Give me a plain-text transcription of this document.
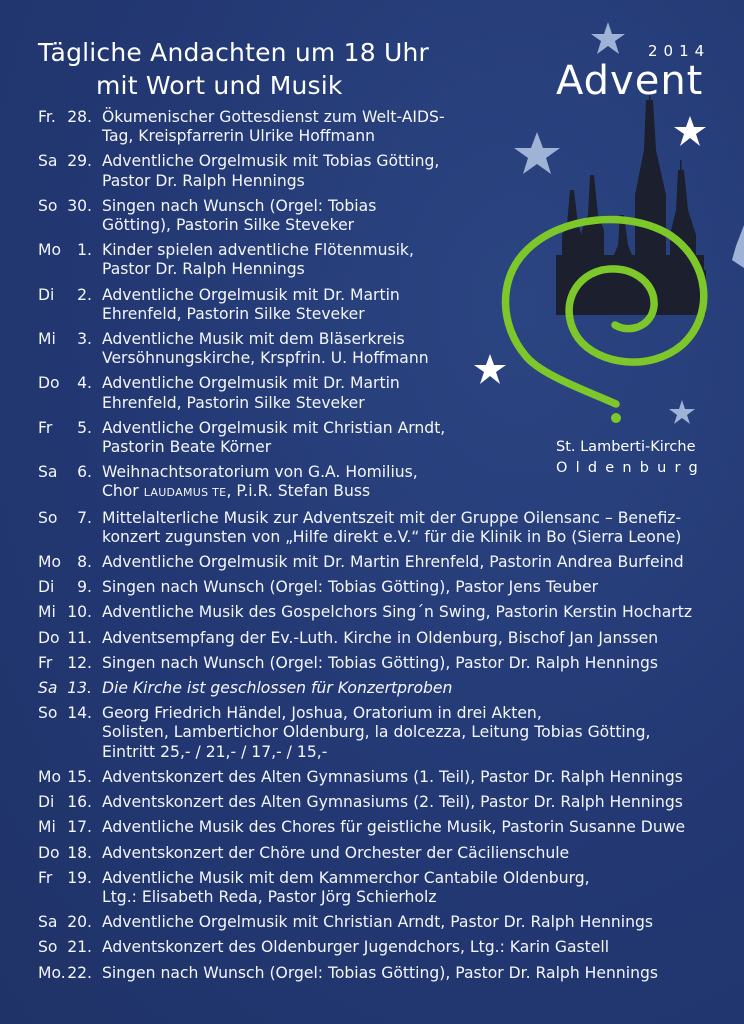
Tägliche Andachten um 18 Uhr
mit Wort und Musik
2014
Advent
St. Lamberti-Kirche
Oldenburg
Fr. 28. Ökumenischer Gottesdienst zum Welt-AIDS-
Tag, Kreispfarrerin Ulrike Hoffmann
Sa 29. Adventliche Orgelmusik mit Tobias Götting,
Pastor Dr. Ralph Hennings
So 30. Singen nach Wunsch (Orgel: Tobias
Götting), Pastorin Silke Steveker
Mo 1. Kinder spielen adventliche Flötenmusik,
Pastor Dr. Ralph Hennings
Di 2. Adventliche Orgelmusik mit Dr. Martin
Ehrenfeld, Pastorin Silke Steveker
Mi 3. Adventliche Musik mit dem Bläserkreis
Versöhnungskirche, Krspfrin. U. Hoffmann
Do 4. Adventliche Orgelmusik mit Dr. Martin
Ehrenfeld, Pastorin Silke Steveker
Fr 5. Adventliche Orgelmusik mit Christian Arndt,
Pastorin Beate Körner
Sa 6. Weihnachtsoratorium von G.A. Homilius,
Chor LAUDAMUS TE, P.i.R. Stefan Buss
So 7. Mittelalterliche Musik zur Adventszeit mit der Gruppe Oilensanc – Benefiz-
konzert zugunsten von „Hilfe direkt e.V.“ für die Klinik in Bo (Sierra Leone)
Mo 8. Adventliche Orgelmusik mit Dr. Martin Ehrenfeld, Pastorin Andrea Burfeind
Di 9. Singen nach Wunsch (Orgel: Tobias Götting), Pastor Jens Teuber
Mi 10. Adventliche Musik des Gospelchors Sing´n Swing, Pastorin Kerstin Hochartz
Do 11. Adventsempfang der Ev.-Luth. Kirche in Oldenburg, Bischof Jan Janssen
Fr 12. Singen nach Wunsch (Orgel: Tobias Götting), Pastor Dr. Ralph Hennings
Sa 13. Die Kirche ist geschlossen für Konzertproben
So 14. Georg Friedrich Händel, Joshua, Oratorium in drei Akten,
Solisten, Lambertichor Oldenburg, la dolcezza, Leitung Tobias Götting,
Eintritt 25,- / 21,- / 17,- / 15,-
Mo 15. Adventskonzert des Alten Gymnasiums (1. Teil), Pastor Dr. Ralph Hennings
Di 16. Adventskonzert des Alten Gymnasiums (2. Teil), Pastor Dr. Ralph Hennings
Mi 17. Adventliche Musik des Chores für geistliche Musik, Pastorin Susanne Duwe
Do 18. Adventskonzert der Chöre und Orchester der Cäcilienschule
Fr 19. Adventliche Musik mit dem Kammerchor Cantabile Oldenburg,
Ltg.: Elisabeth Reda, Pastor Jörg Schierholz
Sa 20. Adventliche Orgelmusik mit Christian Arndt, Pastor Dr. Ralph Hennings
So 21. Adventskonzert des Oldenburger Jugendchors, Ltg.: Karin Gastell
Mo. 22. Singen nach Wunsch (Orgel: Tobias Götting), Pastor Dr. Ralph Hennings
